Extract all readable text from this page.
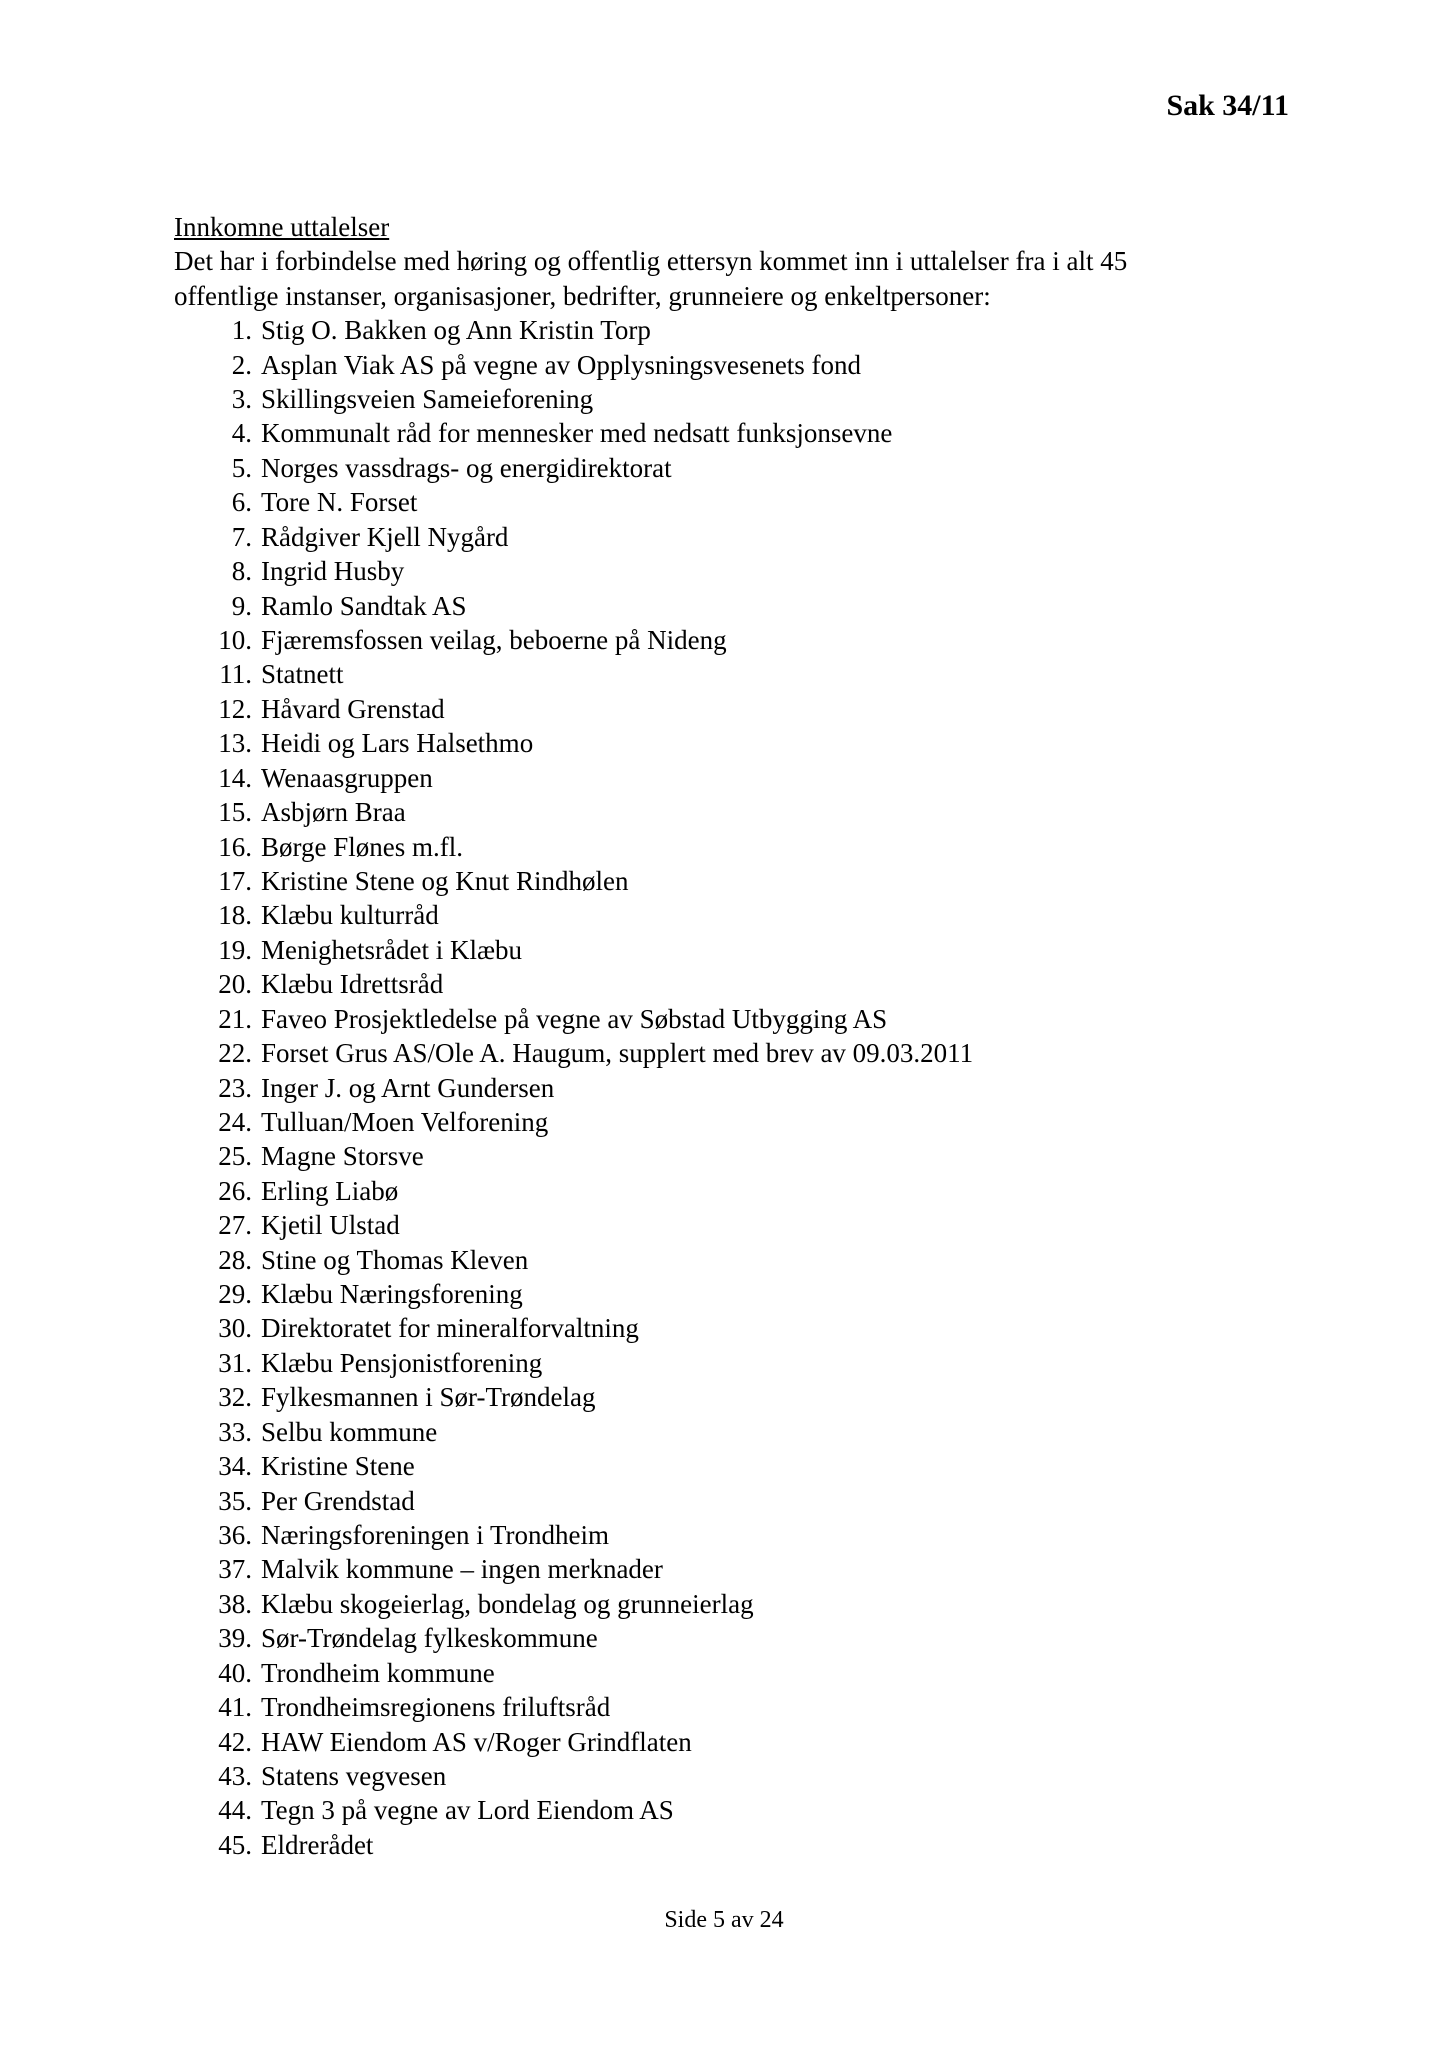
Sak 34/11
Innkomne uttalelser
Det har i forbindelse med høring og offentlig ettersyn kommet inn i uttalelser fra i alt 45 offentlige instanser, organisasjoner, bedrifter, grunneiere og enkeltpersoner:
1. Stig O. Bakken og Ann Kristin Torp
2. Asplan Viak AS på vegne av Opplysningsvesenets fond
3. Skillingsveien Sameieforening
4. Kommunalt råd for mennesker med nedsatt funksjonsevne
5. Norges vassdrags- og energidirektorat
6. Tore N. Forset
7. Rådgiver Kjell Nygård
8. Ingrid Husby
9. Ramlo Sandtak AS
10. Fjæremsfossen veilag, beboerne på Nideng
11. Statnett
12. Håvard Grenstad
13. Heidi og Lars Halsethmo
14. Wenaasgruppen
15. Asbjørn Braa
16. Børge Flønes m.fl.
17. Kristine Stene og Knut Rindhølen
18. Klæbu kulturråd
19. Menighetsrådet i Klæbu
20. Klæbu Idrettsråd
21. Faveo Prosjektledelse på vegne av Søbstad Utbygging AS
22. Forset Grus AS/Ole A. Haugum, supplert med brev av 09.03.2011
23. Inger J. og Arnt Gundersen
24. Tulluan/Moen Velforening
25. Magne Storsve
26. Erling Liabø
27. Kjetil Ulstad
28. Stine og Thomas Kleven
29. Klæbu Næringsforening
30. Direktoratet for mineralforvaltning
31. Klæbu Pensjonistforening
32. Fylkesmannen i Sør-Trøndelag
33. Selbu kommune
34. Kristine Stene
35. Per Grendstad
36. Næringsforeningen i Trondheim
37. Malvik kommune – ingen merknader
38. Klæbu skogeierlag, bondelag og grunneierlag
39. Sør-Trøndelag fylkeskommune
40. Trondheim kommune
41. Trondheimsregionens friluftsråd
42. HAW Eiendom AS v/Roger Grindflaten
43. Statens vegvesen
44. Tegn 3 på vegne av Lord Eiendom AS
45. Eldrerådet
Side 5 av 24
